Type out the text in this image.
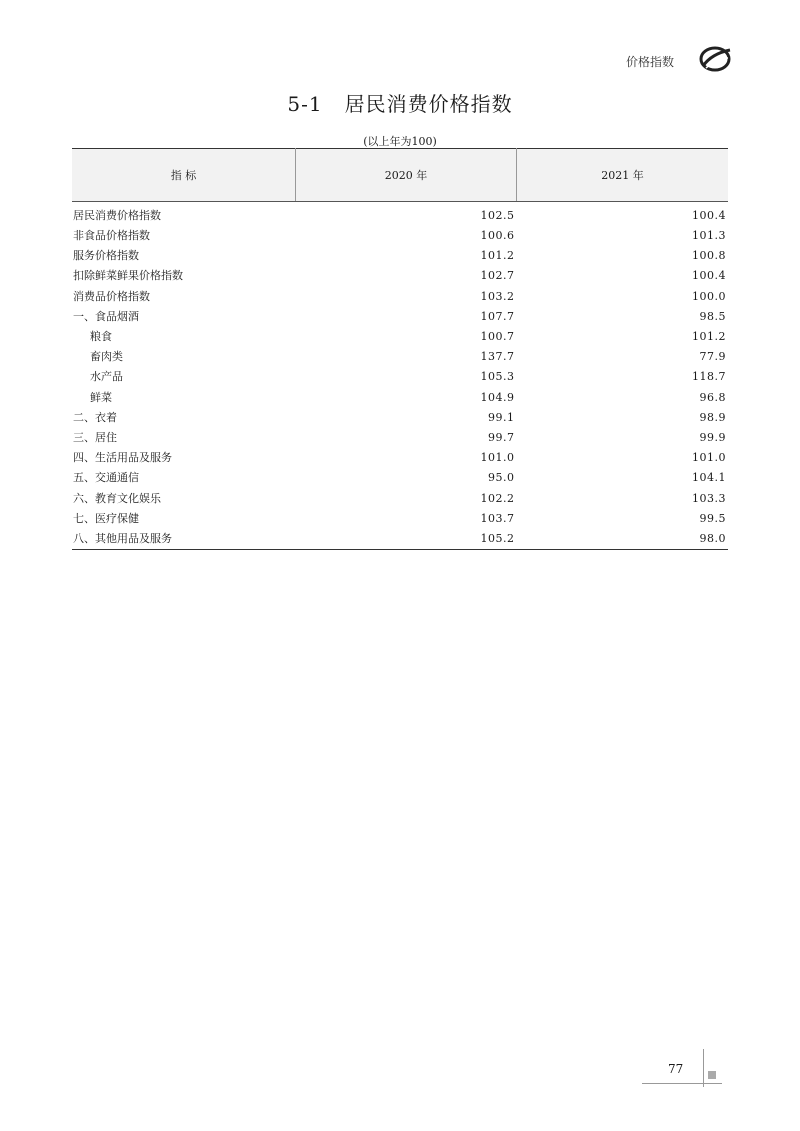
价格指数
5-1   居民消费价格指数
(以上年为100)
指 标	2020 年	2021 年
居民消费价格指数	102.5	100.4
非食品价格指数	100.6	101.3
服务价格指数	101.2	100.8
扣除鲜菜鲜果价格指数	102.7	100.4
消费品价格指数	103.2	100.0
一、食品烟酒	107.7	98.5
粮食	100.7	101.2
畜肉类	137.7	77.9
水产品	105.3	118.7
鲜菜	104.9	96.8
二、衣着	99.1	98.9
三、居住	99.7	99.9
四、生活用品及服务	101.0	101.0
五、交通通信	95.0	104.1
六、教育文化娱乐	102.2	103.3
七、医疗保健	103.7	99.5
八、其他用品及服务	105.2	98.0
77
